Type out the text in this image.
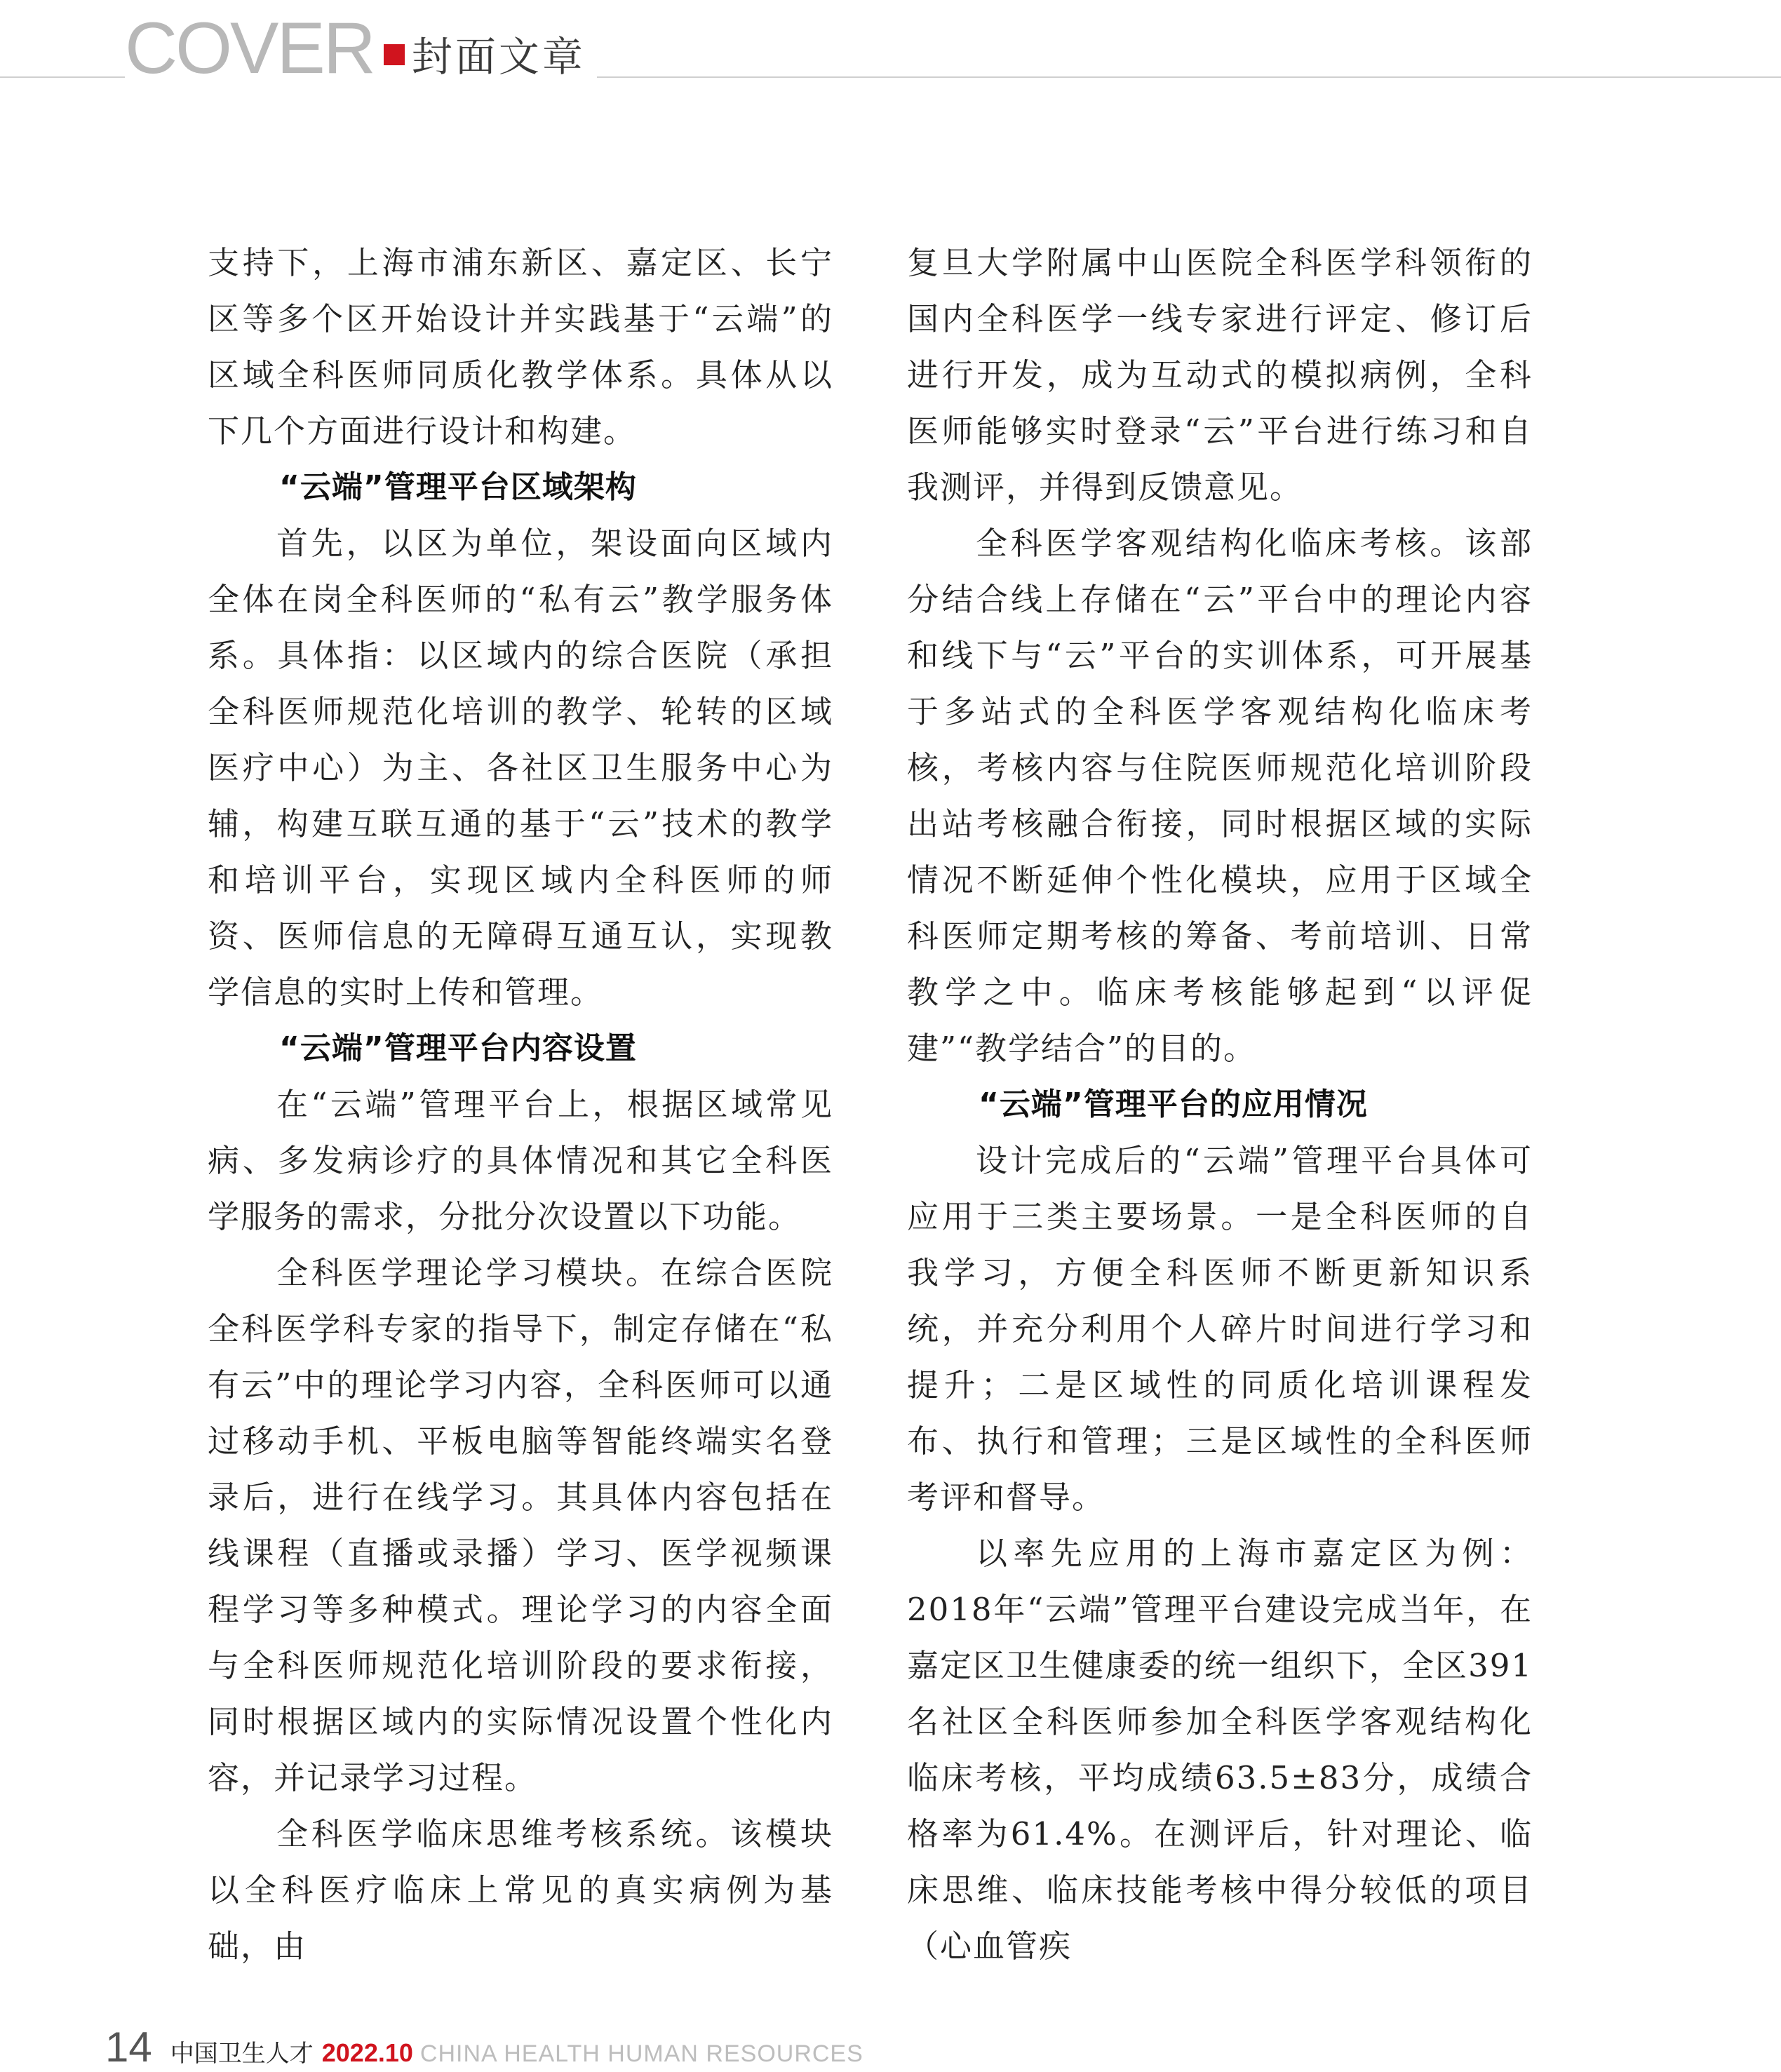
COVER 封面文章

支持下，上海市浦东新区、嘉定区、长宁区等多个区开始设计并实践基于“云端”的区域全科医师同质化教学体系。具体从以下几个方面进行设计和构建。

“云端”管理平台区域架构

首先，以区为单位，架设面向区域内全体在岗全科医师的“私有云”教学服务体系。具体指：以区域内的综合医院（承担全科医师规范化培训的教学、轮转的区域医疗中心）为主、各社区卫生服务中心为辅，构建互联互通的基于“云”技术的教学和培训平台，实现区域内全科医师的师资、医师信息的无障碍互通互认，实现教学信息的实时上传和管理。

“云端”管理平台内容设置

在“云端”管理平台上，根据区域常见病、多发病诊疗的具体情况和其它全科医学服务的需求，分批分次设置以下功能。

全科医学理论学习模块。在综合医院全科医学科专家的指导下，制定存储在“私有云”中的理论学习内容，全科医师可以通过移动手机、平板电脑等智能终端实名登录后，进行在线学习。其具体内容包括在线课程（直播或录播）学习、医学视频课程学习等多种模式。理论学习的内容全面与全科医师规范化培训阶段的要求衔接，同时根据区域内的实际情况设置个性化内容，并记录学习过程。

全科医学临床思维考核系统。该模块以全科医疗临床上常见的真实病例为基础，由

复旦大学附属中山医院全科医学科领衔的国内全科医学一线专家进行评定、修订后进行开发，成为互动式的模拟病例，全科医师能够实时登录“云”平台进行练习和自我测评，并得到反馈意见。

全科医学客观结构化临床考核。该部分结合线上存储在“云”平台中的理论内容和线下与“云”平台的实训体系，可开展基于多站式的全科医学客观结构化临床考核，考核内容与住院医师规范化培训阶段出站考核融合衔接，同时根据区域的实际情况不断延伸个性化模块，应用于区域全科医师定期考核的筹备、考前培训、日常教学之中。临床考核能够起到“以评促建”“教学结合”的目的。

“云端”管理平台的应用情况

设计完成后的“云端”管理平台具体可应用于三类主要场景。一是全科医师的自我学习，方便全科医师不断更新知识系统，并充分利用个人碎片时间进行学习和提升；二是区域性的同质化培训课程发布、执行和管理；三是区域性的全科医师考评和督导。

以率先应用的上海市嘉定区为例：2018年“云端”管理平台建设完成当年，在嘉定区卫生健康委的统一组织下，全区391名社区全科医师参加全科医学客观结构化临床考核，平均成绩63.5±83分，成绩合格率为61.4%。在测评后，针对理论、临床思维、临床技能考核中得分较低的项目（心血管疾

14 中国卫生人才 2022.10 CHINA HEALTH HUMAN RESOURCES
